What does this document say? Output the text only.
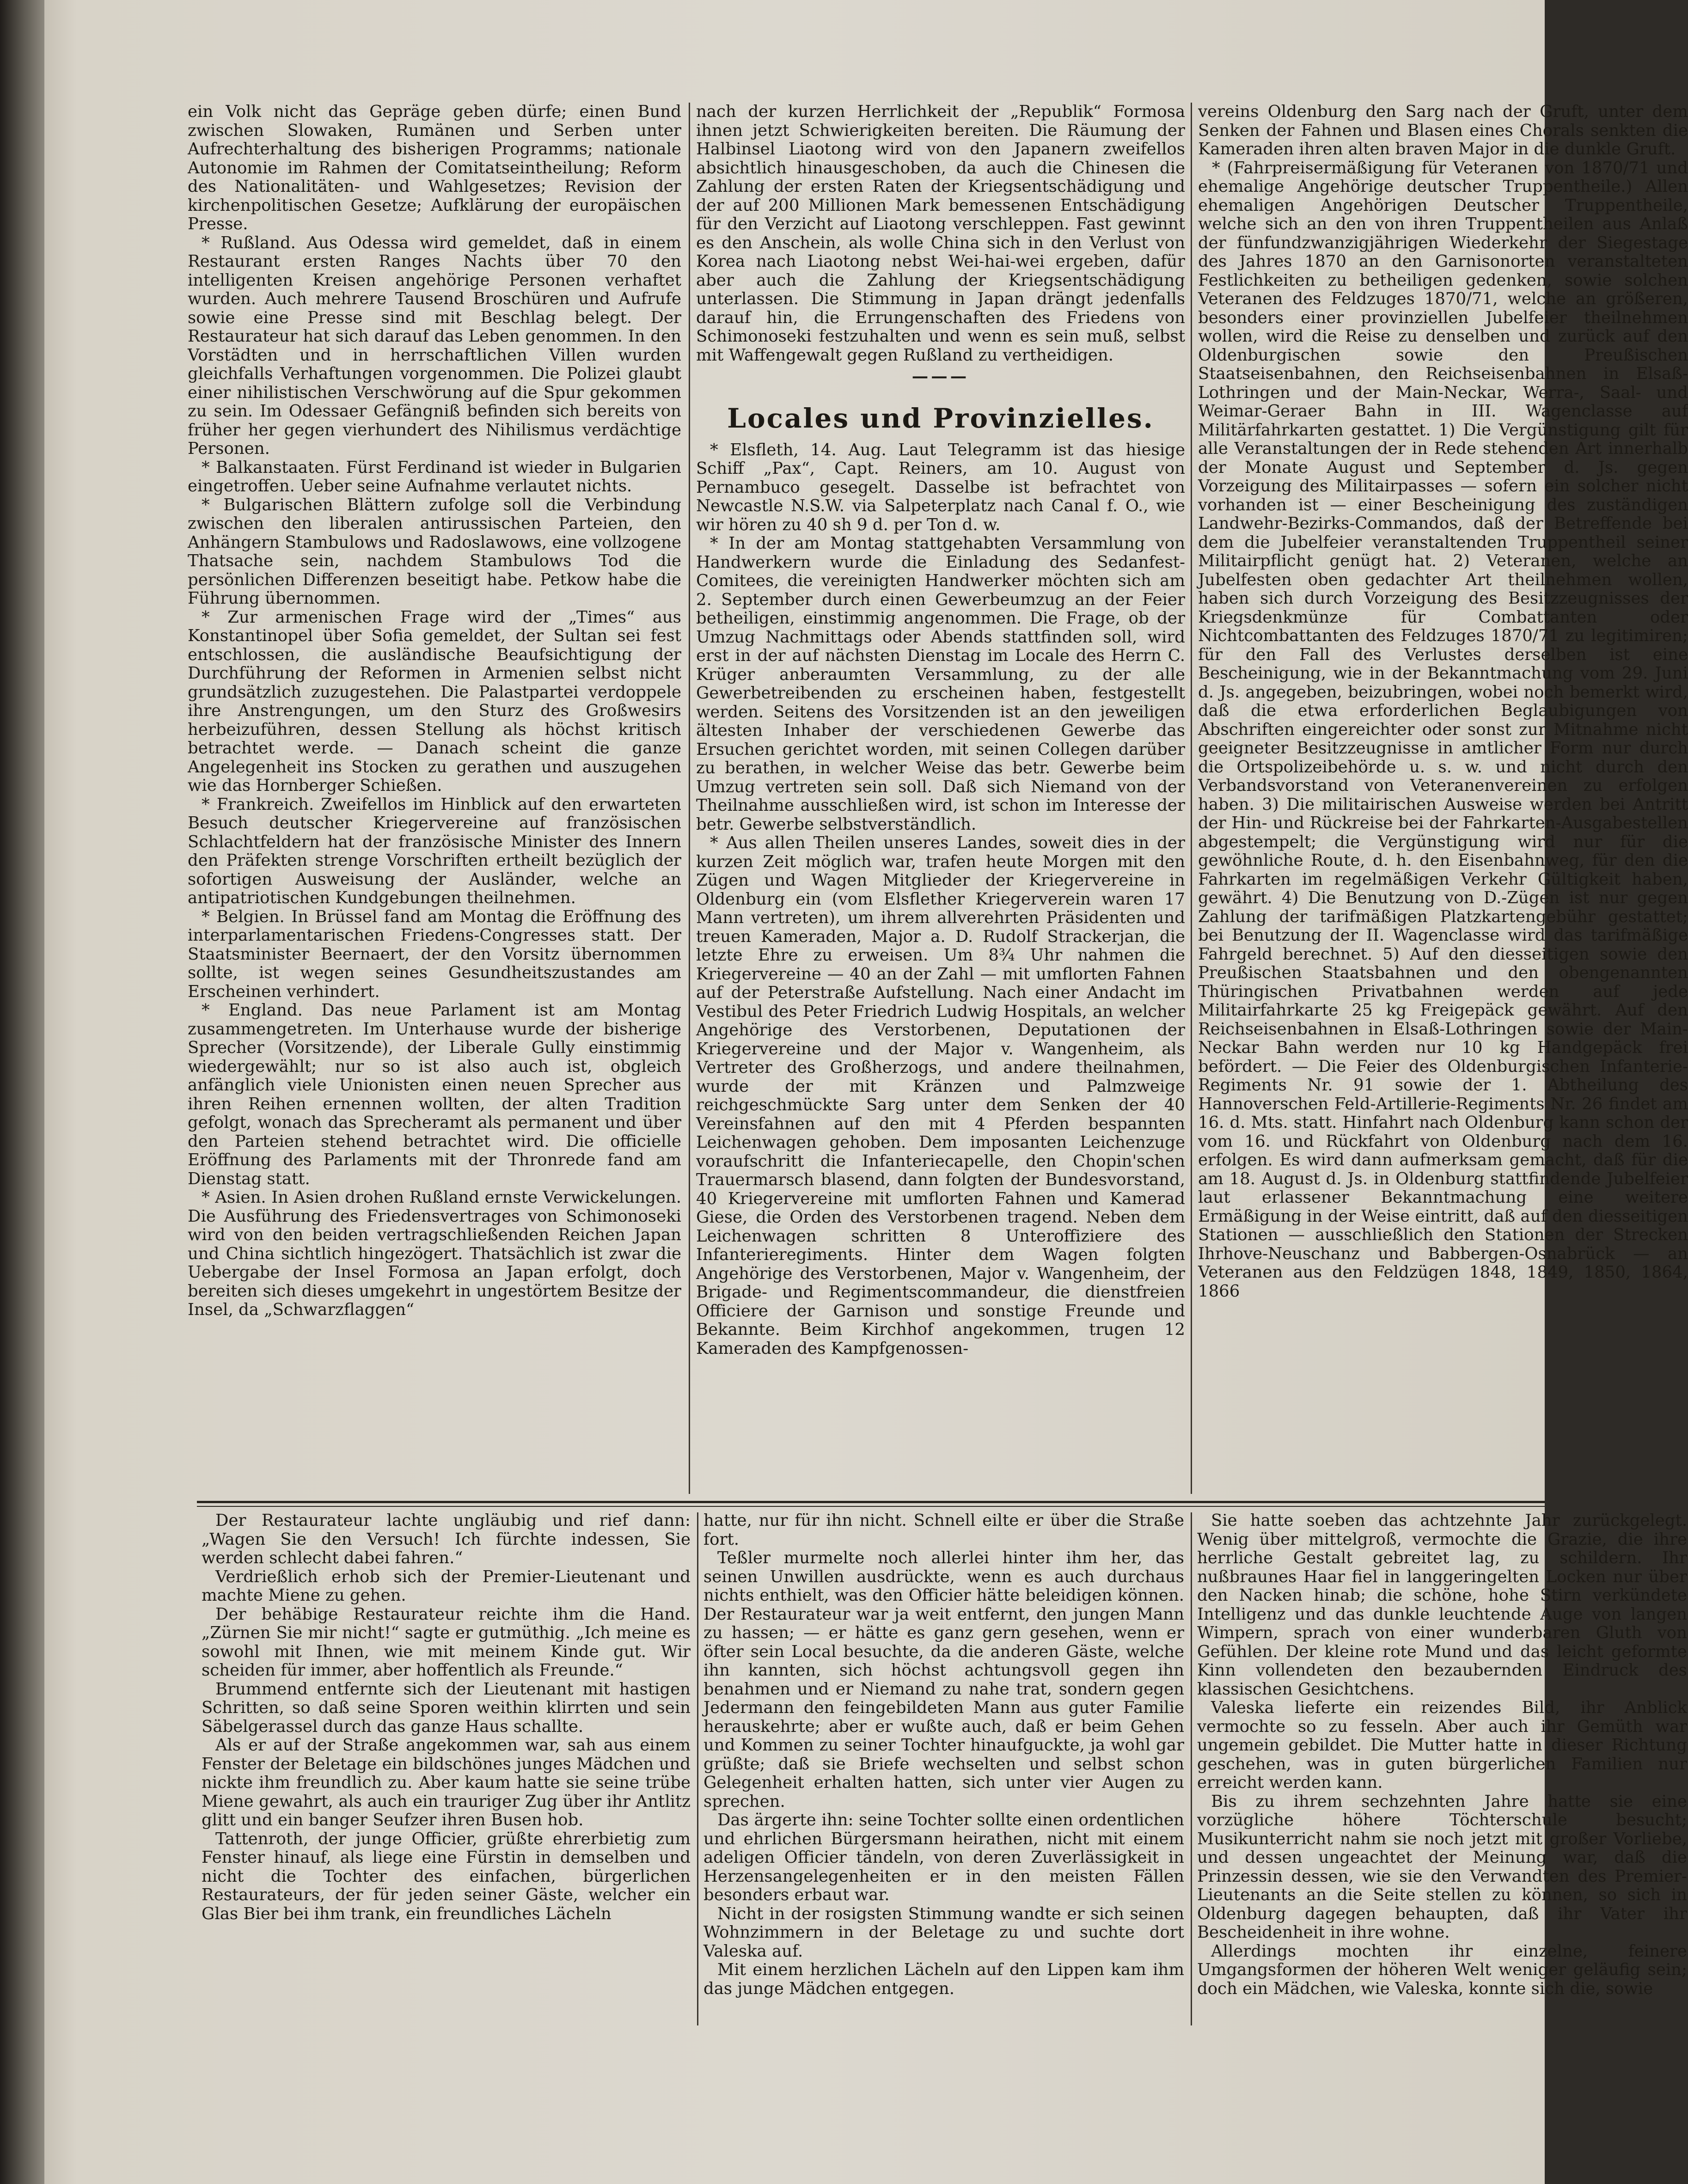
ein Volk nicht das Gepräge geben dürfe; einen Bund zwischen Slowaken, Rumänen und Serben unter Aufrechterhaltung des bisherigen Programms; nationale Autonomie im Rahmen der Comitatseintheilung; Reform des Nationalitäten- und Wahlgesetzes; Revision der kirchenpolitischen Gesetze; Aufklärung der europäischen Presse.

* Rußland. Aus Odessa wird gemeldet, daß in einem Restaurant ersten Ranges Nachts über 70 den intelligenten Kreisen angehörige Personen verhaftet wurden. Auch mehrere Tausend Broschüren und Aufrufe sowie eine Presse sind mit Beschlag belegt. Der Restaurateur hat sich darauf das Leben genommen. In den Vorstädten und in herrschaftlichen Villen wurden gleichfalls Verhaftungen vorgenommen. Die Polizei glaubt einer nihilistischen Verschwörung auf die Spur gekommen zu sein. Im Odessaer Gefängniß befinden sich bereits von früher her gegen vierhundert des Nihilismus verdächtige Personen.

* Balkanstaaten. Fürst Ferdinand ist wieder in Bulgarien eingetroffen. Ueber seine Aufnahme verlautet nichts.

* Bulgarischen Blättern zufolge soll die Verbindung zwischen den liberalen antirussischen Parteien, den Anhängern Stambulows und Radoslawows, eine vollzogene Thatsache sein, nachdem Stambulows Tod die persönlichen Differenzen beseitigt habe. Petkow habe die Führung übernommen.

* Zur armenischen Frage wird der „Times“ aus Konstantinopel über Sofia gemeldet, der Sultan sei fest entschlossen, die ausländische Beaufsichtigung der Durchführung der Reformen in Armenien selbst nicht grundsätzlich zuzugestehen. Die Palastpartei verdoppele ihre Anstrengungen, um den Sturz des Großwesirs herbeizuführen, dessen Stellung als höchst kritisch betrachtet werde. — Danach scheint die ganze Angelegenheit ins Stocken zu gerathen und auszugehen wie das Hornberger Schießen.

* Frankreich. Zweifellos im Hinblick auf den erwarteten Besuch deutscher Kriegervereine auf französischen Schlachtfeldern hat der französische Minister des Innern den Präfekten strenge Vorschriften ertheilt bezüglich der sofortigen Ausweisung der Ausländer, welche an antipatriotischen Kundgebungen theilnehmen.

* Belgien. In Brüssel fand am Montag die Eröffnung des interparlamentarischen Friedens-Congresses statt. Der Staatsminister Beernaert, der den Vorsitz übernommen sollte, ist wegen seines Gesundheitszustandes am Erscheinen verhindert.

* England. Das neue Parlament ist am Montag zusammengetreten. Im Unterhause wurde der bisherige Sprecher (Vorsitzende), der Liberale Gully einstimmig wiedergewählt; nur so ist also auch ist, obgleich anfänglich viele Unionisten einen neuen Sprecher aus ihren Reihen ernennen wollten, der alten Tradition gefolgt, wonach das Sprecheramt als permanent und über den Parteien stehend betrachtet wird. Die officielle Eröffnung des Parlaments mit der Thronrede fand am Dienstag statt.

* Asien. In Asien drohen Rußland ernste Verwickelungen. Die Ausführung des Friedensvertrages von Schimonoseki wird von den beiden vertragschließenden Reichen Japan und China sichtlich hingezögert. Thatsächlich ist zwar die Uebergabe der Insel Formosa an Japan erfolgt, doch bereiten sich dieses umgekehrt in ungestörtem Besitze der Insel, da „Schwarzflaggen“

nach der kurzen Herrlichkeit der „Republik“ Formosa ihnen jetzt Schwierigkeiten bereiten. Die Räumung der Halbinsel Liaotong wird von den Japanern zweifellos absichtlich hinausgeschoben, da auch die Chinesen die Zahlung der ersten Raten der Kriegsentschädigung und der auf 200 Millionen Mark bemessenen Entschädigung für den Verzicht auf Liaotong verschleppen. Fast gewinnt es den Anschein, als wolle China sich in den Verlust von Korea nach Liaotong nebst Wei-hai-wei ergeben, dafür aber auch die Zahlung der Kriegsentschädigung unterlassen. Die Stimmung in Japan drängt jedenfalls darauf hin, die Errungenschaften des Friedens von Schimonoseki festzuhalten und wenn es sein muß, selbst mit Waffengewalt gegen Rußland zu vertheidigen.

———
Locales und Provinzielles.

* Elsfleth, 14. Aug. Laut Telegramm ist das hiesige Schiff „Pax“, Capt. Reiners, am 10. August von Pernambuco gesegelt. Dasselbe ist befrachtet von Newcastle N.S.W. via Salpeterplatz nach Canal f. O., wie wir hören zu 40 sh 9 d. per Ton d. w.

* In der am Montag stattgehabten Versammlung von Handwerkern wurde die Einladung des Sedanfest-Comitees, die vereinigten Handwerker möchten sich am 2. September durch einen Gewerbeumzug an der Feier betheiligen, einstimmig angenommen. Die Frage, ob der Umzug Nachmittags oder Abends stattfinden soll, wird erst in der auf nächsten Dienstag im Locale des Herrn C. Krüger anberaumten Versammlung, zu der alle Gewerbetreibenden zu erscheinen haben, festgestellt werden. Seitens des Vorsitzenden ist an den jeweiligen ältesten Inhaber der verschiedenen Gewerbe das Ersuchen gerichtet worden, mit seinen Collegen darüber zu berathen, in welcher Weise das betr. Gewerbe beim Umzug vertreten sein soll. Daß sich Niemand von der Theilnahme ausschließen wird, ist schon im Interesse der betr. Gewerbe selbstverständlich.

* Aus allen Theilen unseres Landes, soweit dies in der kurzen Zeit möglich war, trafen heute Morgen mit den Zügen und Wagen Mitglieder der Kriegervereine in Oldenburg ein (vom Elsflether Kriegerverein waren 17 Mann vertreten), um ihrem allverehrten Präsidenten und treuen Kameraden, Major a. D. Rudolf Strackerjan, die letzte Ehre zu erweisen. Um 8¾ Uhr nahmen die Kriegervereine — 40 an der Zahl — mit umflorten Fahnen auf der Peterstraße Aufstellung. Nach einer Andacht im Vestibul des Peter Friedrich Ludwig Hospitals, an welcher Angehörige des Verstorbenen, Deputationen der Kriegervereine und der Major v. Wangenheim, als Vertreter des Großherzogs, und andere theilnahmen, wurde der mit Kränzen und Palmzweige reichgeschmückte Sarg unter dem Senken der 40 Vereinsfahnen auf den mit 4 Pferden bespannten Leichenwagen gehoben. Dem imposanten Leichenzuge voraufschritt die Infanteriecapelle, den Chopin'schen Trauermarsch blasend, dann folgten der Bundesvorstand, 40 Kriegervereine mit umflorten Fahnen und Kamerad Giese, die Orden des Verstorbenen tragend. Neben dem Leichenwagen schritten 8 Unteroffiziere des Infanterieregiments. Hinter dem Wagen folgten Angehörige des Verstorbenen, Major v. Wangenheim, der Brigade- und Regimentscommandeur, die dienstfreien Officiere der Garnison und sonstige Freunde und Bekannte. Beim Kirchhof angekommen, trugen 12 Kameraden des Kampfgenossen-

vereins Oldenburg den Sarg nach der Gruft, unter dem Senken der Fahnen und Blasen eines Chorals senkten die Kameraden ihren alten braven Major in die dunkle Gruft.

* (Fahrpreisermäßigung für Veteranen von 1870/71 und ehemalige Angehörige deutscher Truppentheile.) Allen ehemaligen Angehörigen Deutscher Truppentheile, welche sich an den von ihren Truppentheilen aus Anlaß der fünfundzwanzigjährigen Wiederkehr der Siegestage des Jahres 1870 an den Garnisonorten veranstalteten Festlichkeiten zu betheiligen gedenken, sowie solchen Veteranen des Feldzuges 1870/71, welche an größeren, besonders einer provinziellen Jubelfeier theilnehmen wollen, wird die Reise zu denselben und zurück auf den Oldenburgischen sowie den Preußischen Staatseisenbahnen, den Reichseisenbahnen in Elsaß-Lothringen und der Main-Neckar, Werra-, Saal- und Weimar-Geraer Bahn in III. Wagenclasse auf Militärfahrkarten gestattet. 1) Die Vergünstigung gilt für alle Veranstaltungen der in Rede stehenden Art innerhalb der Monate August und September d. Js. gegen Vorzeigung des Militairpasses — sofern ein solcher nicht vorhanden ist — einer Bescheinigung des zuständigen Landwehr-Bezirks-Commandos, daß der Betreffende bei dem die Jubelfeier veranstaltenden Truppentheil seiner Militairpflicht genügt hat. 2) Veteranen, welche an Jubelfesten oben gedachter Art theilnehmen wollen, haben sich durch Vorzeigung des Besitzzeugnisses der Kriegsdenkmünze für Combattanten oder Nichtcombattanten des Feldzuges 1870/71 zu legitimiren; für den Fall des Verlustes derselben ist eine Bescheinigung, wie in der Bekanntmachung vom 29. Juni d. Js. angegeben, beizubringen, wobei noch bemerkt wird, daß die etwa erforderlichen Beglaubigungen von Abschriften eingereichter oder sonst zur Mitnahme nicht geeigneter Besitzzeugnisse in amtlicher Form nur durch die Ortspolizeibehörde u. s. w. und nicht durch den Verbandsvorstand von Veteranenvereinen zu erfolgen haben. 3) Die militairischen Ausweise werden bei Antritt der Hin- und Rückreise bei der Fahrkarten-Ausgabestellen abgestempelt; die Vergünstigung wird nur für die gewöhnliche Route, d. h. den Eisenbahnweg, für den die Fahrkarten im regelmäßigen Verkehr Gültigkeit haben, gewährt. 4) Die Benutzung von D.-Zügen ist nur gegen Zahlung der tarifmäßigen Platzkartengebühr gestattet; bei Benutzung der II. Wagenclasse wird das tarifmäßige Fahrgeld berechnet. 5) Auf den diesseitigen sowie den Preußischen Staatsbahnen und den obengenannten Thüringischen Privatbahnen werden auf jede Militairfahrkarte 25 kg Freigepäck gewährt. Auf den Reichseisenbahnen in Elsaß-Lothringen sowie der Main-Neckar Bahn werden nur 10 kg Handgepäck frei befördert. — Die Feier des Oldenburgischen Infanterie-Regiments Nr. 91 sowie der 1. Abtheilung des Hannoverschen Feld-Artillerie-Regiments Nr. 26 findet am 16. d. Mts. statt. Hinfahrt nach Oldenburg kann schon der vom 16. und Rückfahrt von Oldenburg nach dem 16. erfolgen. Es wird dann aufmerksam gemacht, daß für die am 18. August d. Js. in Oldenburg stattfindende Jubelfeier laut erlassener Bekanntmachung eine weitere Ermäßigung in der Weise eintritt, daß auf den diesseitigen Stationen — ausschließlich den Stationen der Strecken Ihrhove-Neuschanz und Babbergen-Osnabrück — an Veteranen aus den Feldzügen 1848, 1849, 1850, 1864, 1866

Der Restaurateur lachte ungläubig und rief dann: „Wagen Sie den Versuch! Ich fürchte indessen, Sie werden schlecht dabei fahren.“

Verdrießlich erhob sich der Premier-Lieutenant und machte Miene zu gehen.

Der behäbige Restaurateur reichte ihm die Hand. „Zürnen Sie mir nicht!“ sagte er gutmüthig. „Ich meine es sowohl mit Ihnen, wie mit meinem Kinde gut. Wir scheiden für immer, aber hoffentlich als Freunde.“

Brummend entfernte sich der Lieutenant mit hastigen Schritten, so daß seine Sporen weithin klirrten und sein Säbelgerassel durch das ganze Haus schallte.

Als er auf der Straße angekommen war, sah aus einem Fenster der Beletage ein bildschönes junges Mädchen und nickte ihm freundlich zu. Aber kaum hatte sie seine trübe Miene gewahrt, als auch ein trauriger Zug über ihr Antlitz glitt und ein banger Seufzer ihren Busen hob.

Tattenroth, der junge Officier, grüßte ehrerbietig zum Fenster hinauf, als liege eine Fürstin in demselben und nicht die Tochter des einfachen, bürgerlichen Restaurateurs, der für jeden seiner Gäste, welcher ein Glas Bier bei ihm trank, ein freundliches Lächeln

hatte, nur für ihn nicht. Schnell eilte er über die Straße fort.

Teßler murmelte noch allerlei hinter ihm her, das seinen Unwillen ausdrückte, wenn es auch durchaus nichts enthielt, was den Officier hätte beleidigen können. Der Restaurateur war ja weit entfernt, den jungen Mann zu hassen; — er hätte es ganz gern gesehen, wenn er öfter sein Local besuchte, da die anderen Gäste, welche ihn kannten, sich höchst achtungsvoll gegen ihn benahmen und er Niemand zu nahe trat, sondern gegen Jedermann den feingebildeten Mann aus guter Familie herauskehrte; aber er wußte auch, daß er beim Gehen und Kommen zu seiner Tochter hinaufguckte, ja wohl gar grüßte; daß sie Briefe wechselten und selbst schon Gelegenheit erhalten hatten, sich unter vier Augen zu sprechen.

Das ärgerte ihn: seine Tochter sollte einen ordentlichen und ehrlichen Bürgersmann heirathen, nicht mit einem adeligen Officier tändeln, von deren Zuverlässigkeit in Herzensangelegenheiten er in den meisten Fällen besonders erbaut war.

Nicht in der rosigsten Stimmung wandte er sich seinen Wohnzimmern in der Beletage zu und suchte dort Valeska auf.

Mit einem herzlichen Lächeln auf den Lippen kam ihm das junge Mädchen entgegen.

Sie hatte soeben das achtzehnte Jahr zurückgelegt. Wenig über mittelgroß, vermochte die Grazie, die ihre herrliche Gestalt gebreitet lag, zu schildern. Ihr nußbraunes Haar fiel in langgeringelten Locken nur über den Nacken hinab; die schöne, hohe Stirn verkündete Intelligenz und das dunkle leuchtende Auge von langen Wimpern, sprach von einer wunderbaren Gluth von Gefühlen. Der kleine rote Mund und das leicht geformte Kinn vollendeten den bezaubernden Eindruck des klassischen Gesichtchens.

Valeska lieferte ein reizendes Bild, ihr Anblick vermochte so zu fesseln. Aber auch ihr Gemüth war ungemein gebildet. Die Mutter hatte in dieser Richtung geschehen, was in guten bürgerlichen Familien nur erreicht werden kann.

Bis zu ihrem sechzehnten Jahre hatte sie eine vorzügliche höhere Töchterschule besucht; Musikunterricht nahm sie noch jetzt mit großer Vorliebe, und dessen ungeachtet der Meinung war, daß die Prinzessin dessen, wie sie den Verwandten des Premier-Lieutenants an die Seite stellen zu können, so sich in Oldenburg dagegen behaupten, daß ihr Vater ihr Bescheidenheit in ihre wohne.

Allerdings mochten ihr einzelne, feinere Umgangsformen der höheren Welt weniger geläufig sein; doch ein Mädchen, wie Valeska, konnte sich die, sowie
